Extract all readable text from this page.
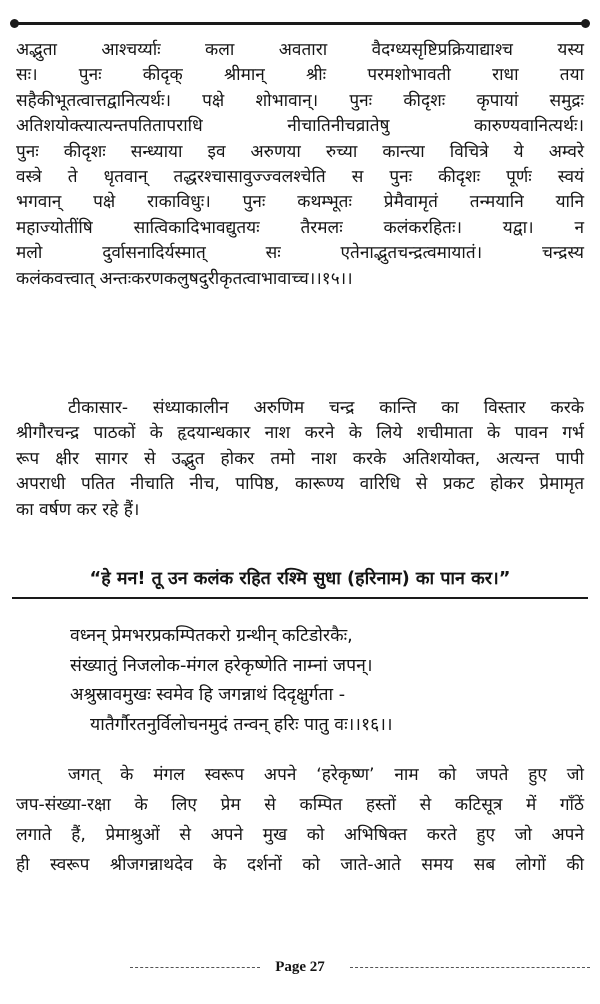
अद्भुता आश्चर्य्याः कला अवतारा वैदग्ध्यसृष्टिप्रक्रियाद्याश्च यस्य

सः। पुनः कीदृक् श्रीमान् श्रीः परमशोभावती राधा तया

सहैकीभूतत्वात्तद्वानित्यर्थः। पक्षे शोभावान्। पुनः कीदृशः कृपायां समुद्रः

अतिशयोक्त्यात्यन्तपतितापराधि नीचातिनीचव्रातेषु कारुण्यवानित्यर्थः।

पुनः कीदृशः सन्ध्याया इव अरुणया रुच्या कान्त्या विचित्रे ये अम्वरे

वस्त्रे ते धृतवान् तद्धरश्चासावुज्ज्वलश्चेति स पुनः कीदृशः पूर्णः स्वयं

भगवान् पक्षे राकाविधुः। पुनः कथम्भूतः प्रेमैवामृतं तन्मयानि यानि

महाज्योतींषि सात्विकादिभावद्युतयः तैरमलः कलंकरहितः। यद्वा। न

मलो दुर्वासनादिर्यस्मात् सः एतेनाद्भुतचन्द्रत्वमायातं। चन्द्रस्य

कलंकवत्त्वात् अन्तःकरणकलुषदुरीकृतत्वाभावाच्च।।१५।।

टीकासार- संध्याकालीन अरुणिम चन्द्र कान्ति का विस्तार करके

श्रीगौरचन्द्र पाठकों के हृदयान्धकार नाश करने के लिये शचीमाता के पावन गर्भ

रूप क्षीर सागर से उद्भुत होकर तमो नाश करके अतिशयोक्त, अत्यन्त पापी

अपराधी पतित नीचाति नीच, पापिष्ठ, कारूण्य वारिधि से प्रकट होकर प्रेमामृत

का वर्षण कर रहे हैं।

“हे मन! तू उन कलंक रहित रश्मि सुधा (हरिनाम) का पान कर।”

वध्नन् प्रेमभरप्रकम्पितकरो ग्रन्थीन् कटिडोरकैः,

संख्यातुं निजलोक-मंगल हरेकृष्णेति नाम्नां जपन्।

अश्रुस्रावमुखः स्वमेव हि जगन्नाथं दिदृक्षुर्गता -

यातैर्गौरतनुर्विलोचनमुदं तन्वन् हरिः पातु वः।।१६।।

जगत् के मंगल स्वरूप अपने ‘हरेकृष्ण’ नाम को जपते हुए जो

जप-संख्या-रक्षा के लिए प्रेम से कम्पित हस्तों से कटिसूत्र में गाँठें

लगाते हैं, प्रेमाश्रुओं से अपने मुख को अभिषिक्त करते हुए जो अपने

ही स्वरूप श्रीजगन्नाथदेव के दर्शनों को जाते-आते समय सब लोगों की

Page 27
